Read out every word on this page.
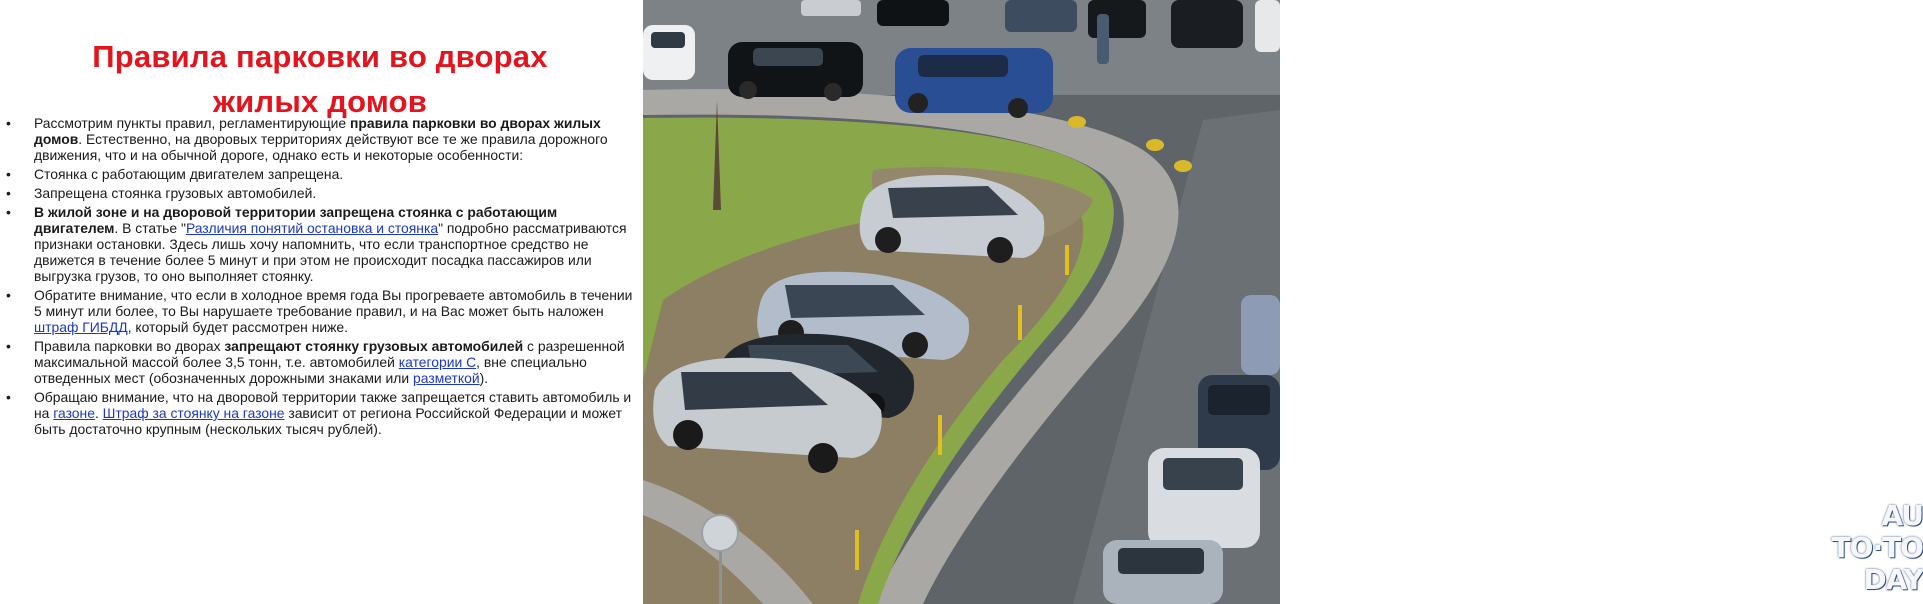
Правила парковки во дворах
жилых домов
• Рассмотрим пункты правил, регламентирующие правила парковки во дворах жилых домов. Естественно, на дворовых территориях действуют все те же правила дорожного движения, что и на обычной дороге, однако есть и некоторые особенности:
• Стоянка с работающим двигателем запрещена.
• Запрещена стоянка грузовых автомобилей.
• В жилой зоне и на дворовой территории запрещена стоянка с работающим двигателем. В статье "Различия понятий остановка и стоянка" подробно рассматриваются признаки остановки. Здесь лишь хочу напомнить, что если транспортное средство не движется в течение более 5 минут и при этом не происходит посадка пассажиров или выгрузка грузов, то оно выполняет стоянку.
• Обратите внимание, что если в холодное время года Вы прогреваете автомобиль в течении 5 минут или более, то Вы нарушаете требование правил, и на Вас может быть наложен штраф ГИБДД, который будет рассмотрен ниже.
• Правила парковки во дворах запрещают стоянку грузовых автомобилей с разрешенной максимальной массой более 3,5 тонн, т.е. автомобилей категории С, вне специально отведенных мест (обозначенных дорожными знаками или разметкой).
• Обращаю внимание, что на дворовой территории также запрещается ставить автомобиль и на газоне. Штраф за стоянку на газоне зависит от региона Российской Федерации и может быть достаточно крупным (нескольких тысяч рублей).
AU
TO·TO
DAY
